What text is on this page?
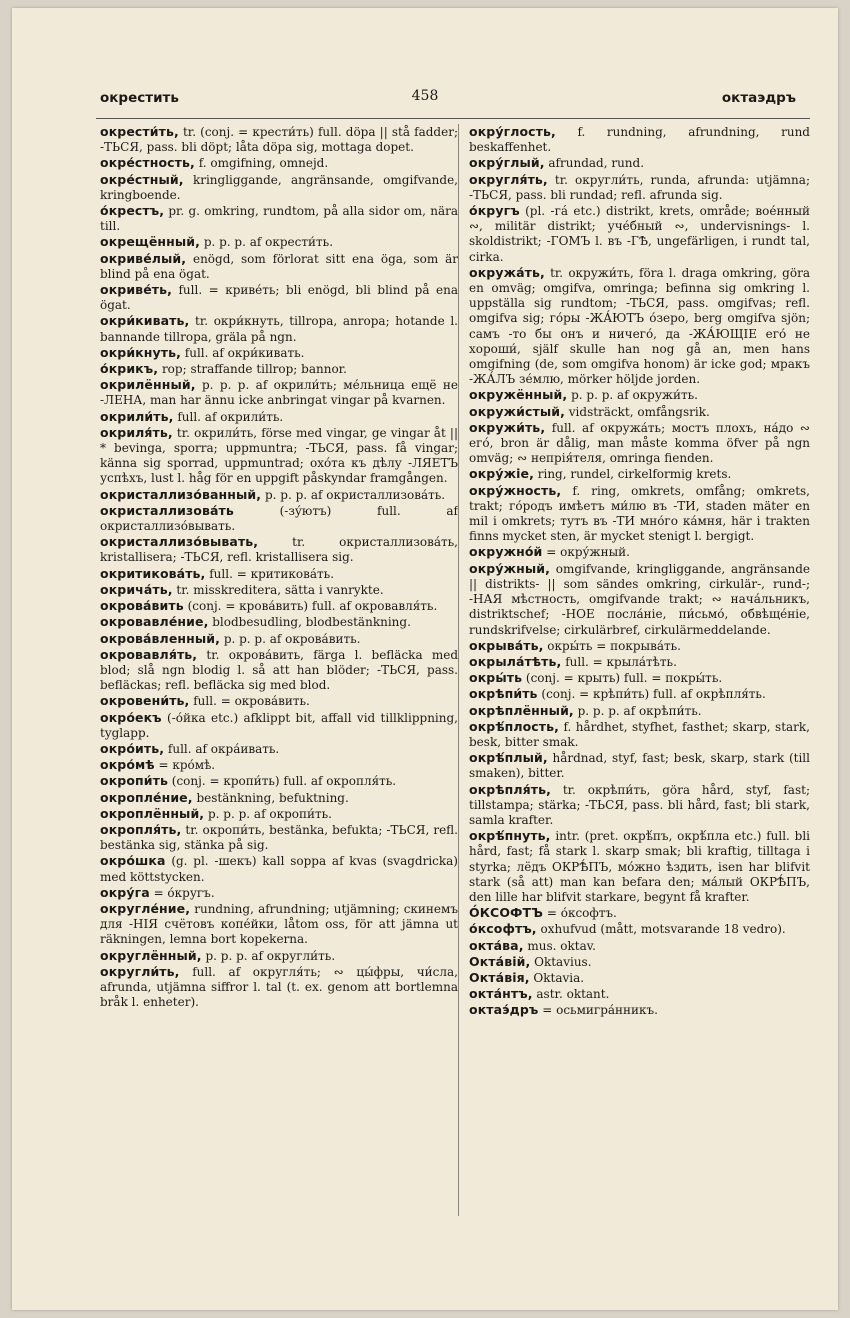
окрестить	458	октаэдръ

окрести́ть, tr. (conj. = крести́ть) full. döpa || stå fadder; -ТЬСЯ, pass. bli döpt; låta döpa sig, mottaga dopet.

окре́стность, f. omgifning, omnejd.

окре́стный, kringliggande, angränsande, omgifvande, kringboende.

о́крестъ, pr. g. omkring, rundtom, på alla sidor om, nära till.

окрещённый, p. p. p. af окрести́ть.

окриве́лый, enögd, som förlorat sitt ena öga, som är blind på ena ögat.

окриве́ть, full. = криве́ть; bli enögd, bli blind på ena ögat.

окри́кивать, tr. окри́кнуть, tillropa, anropa; hotande l. bannande tillropa, gräla på ngn.

окри́кнуть, full. af окри́кивать.

о́крикъ, rop; straffande tillrop; bannor.

окрилённый, p. p. p. af окрили́ть; ме́льница ещё не -ЛЕНА, man har ännu icke anbringat vingar på kvarnen.

окрили́ть, full. af окрили́ть.

окриля́ть, tr. окрили́ть, förse med vingar, ge vingar åt || * bevinga, sporra; uppmuntra; -ТЬСЯ, pass. få vingar; känna sig sporrad, uppmuntrad; охо́та къ дѣлу -ЛЯЕТЪ успѣхъ, lust l. håg för en uppgift påskyndar framgången.

окристаллизо́ванный, p. p. p. af окристаллизова́ть.

окристаллизова́ть	(-зу́ютъ) full. af окристаллизо́вывать.

окристаллизо́вывать,	tr. окристаллизова́ть, kristallisera; -ТЬСЯ, refl. kristallisera sig.

окритикова́ть, full. = критиковáть.

окрича́ть, tr. misskreditera, sätta i vanrykte.

окрова́вить (conj. = крова́вить) full. af окровавля́ть.

окровавле́ние, blodbesudling, blodbestänkning.

окрова́вленный, p. p. p. af окрова́вить.

окровавля́ть, tr. окрова́вить, färga l. befläcka med blod; slå ngn blodig l. så att han blöder; -ТЬСЯ, pass. befläckas; refl. befläcka sig med blod.

окровени́ть, full. = окрова́вить.

окро́екъ (-о́йка etc.) afklippt bit, affall vid tillklippning, tyglapp.

окро́ить, full. af окра́ивать.

окро́мѣ = кро́мѣ.

окропи́ть (conj. = кропи́ть) full. af окропля́ть.

окропле́ние, bestänkning, befuktning.

окроплённый, p. p. p. af окропи́ть.

окропля́ть, tr. окропи́ть, bestänka, befukta; -ТЬСЯ, refl. bestänka sig, stänka på sig.

окро́шка (g. pl. -шекъ) kall soppa af kvas (svagdricka) med köttstycken.

окру́га = о́кругъ.

округле́ние, rundning, afrundning; utjämning; скинемъ для -НІЯ счётовъ копе́йки, låtom oss, för att jämna ut räkningen, lemna bort kopekerna.

округлённый, p. p. p. af округли́ть.

округли́ть, full. af округля́ть; ∾ цы́фры, чи́сла, afrunda, utjämna siffror l. tal (t. ex. genom att bortlemna bråk l. enheter).

окру́глость, f. rundning, afrundning, rund beskaffenhet.

окру́глый, afrundad, rund.

округля́ть, tr. округли́ть, runda, afrunda: utjämna; -ТЬСЯ, pass. bli rundad; refl. afrunda sig.

о́кругъ (pl. -гá etc.) distrikt, krets, område; вое́нный ∾, militär distrikt; уче́бный ∾, undervisnings- l. skoldistrikt; -ГОМЪ l. въ -ГѢ, ungefärligen, i rundt tal, cirka.

окружа́ть, tr. окружи́ть, föra l. draga omkring, göra en omväg; omgifva, omringa; befinna sig omkring l. uppställa sig rundtom; -ТЬСЯ, pass. omgifvas; refl. omgifva sig; го́ры -ЖА́ЮТЪ о́зеро, berg omgifva sjön; самъ -то бы онъ и ничего́, да -ЖА́ЮЩІЕ его́ не хороши́, själf skulle han nog gå an, men hans omgifning (de, som omgifva honom) är icke god; мракъ -ЖА́ЛЪ зе́млю, mörker höljde jorden.

окружённый, p. p. p. af окружи́ть.

окружи́стый, vidsträckt, omfångsrik.

окружи́ть, full. af окружа́ть; мостъ плохъ, на́до ∾ его́, bron är dålig, man måste komma öfver på ngn omväg; ∾ непрія́теля, omringa fienden.

окру́жіе, ring, rundel, cirkelformig krets.

окру́жность, f. ring, omkrets, omfång; omkrets, trakt; го́родъ имѣетъ ми́лю въ -ТИ, staden mäter en mil i omkrets; тутъ въ -ТИ мно́го ка́мня, här i trakten finns mycket sten, är mycket stenigt l. bergigt.

окружно́й = окру́жный.

окру́жный, omgifvande, kringliggande, angränsande || distrikts- || som sändes omkring, cirkulär-, rund-; -НАЯ мѣстность, omgifvande trakt; ∾ нача́льникъ, distriktschef; -НОЕ посла́ніе, пи́сьмо́, обвѣще́ніе, rundskrifvelse; cirkulärbref, cirkulärmeddelande.

окрыва́ть, окры́ть = покрыва́ть.

окрыла́тѣть, full. = крыла́тѣть.

окры́ть (conj. = крыть) full. = покры́ть.

окрѣпи́ть (conj. = крѣпи́ть) full. af окрѣпля́ть.

окрѣплённый, p. p. p. af окрѣпи́ть.

окрѣ́плость, f. hårdhet, styfhet, fasthet; skarp, stark, besk, bitter smak.

окрѣ́плый, hårdnad, styf, fast; besk, skarp, stark (till smaken), bitter.

окрѣпля́ть, tr. окрѣпи́ть, göra hård, styf, fast; tillstampa; stärka; -ТЬСЯ, pass. bli hård, fast; bli stark, samla krafter.

окрѣ́пнуть, intr. (pret. окрѣ́пъ, окрѣ́пла etc.) full. bli hård, fast; få stark l. skarp smak; bli kraftig, tilltaga i styrka; лёдъ ОКРѢ́ПЪ, мо́жно ѣздить, isen har blifvit stark (så att) man kan befara den; ма́лый ОКРѢ́ПЪ, den lille har blifvit starkare, begynt få krafter.

О́КСОФТЪ = о́ксофтъ.

о́ксофтъ, oxhufvud (mått, motsvarande 18 vedro).

окта́ва, mus. oktav.

Окта́вій, Oktavius.

Окта́вія, Oktavia.

окта́нтъ, astr. oktant.

октаэ́дръ = осьмигра́нникъ.
